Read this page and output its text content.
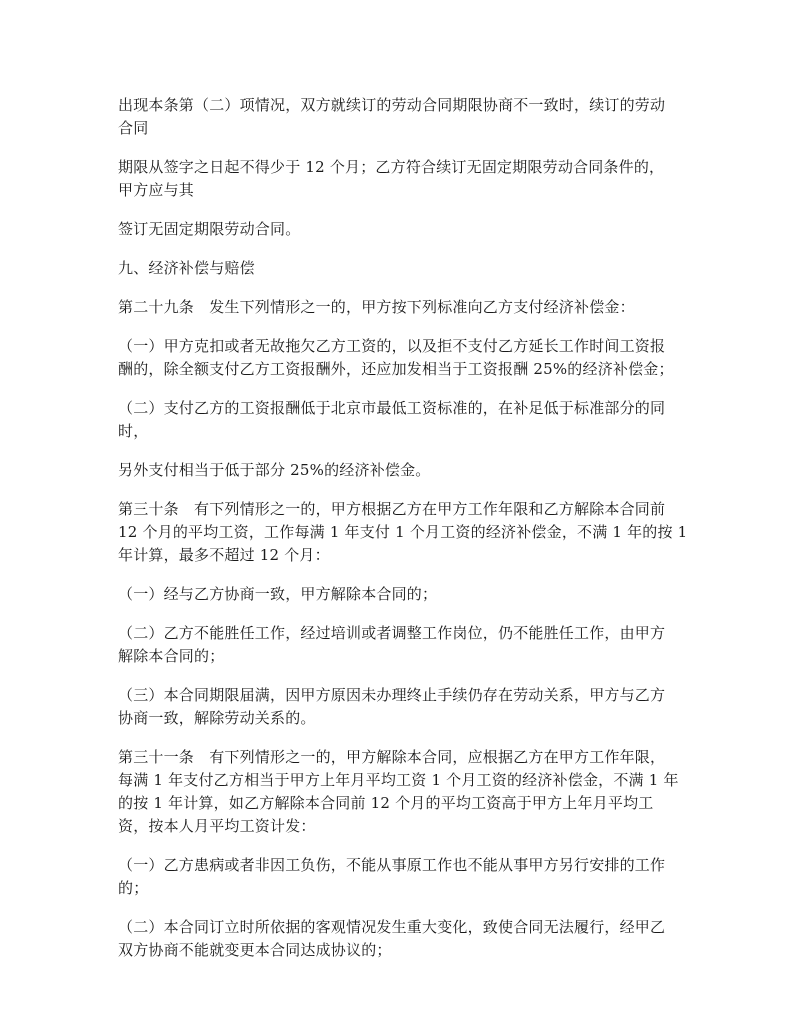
出现本条第（二）项情况，双方就续订的劳动合同期限协商不一致时，续订的劳动
合同

期限从签字之日起不得少于 12 个月；乙方符合续订无固定期限劳动合同条件的，
甲方应与其

签订无固定期限劳动合同。

九、经济补偿与赔偿

第二十九条　发生下列情形之一的，甲方按下列标准向乙方支付经济补偿金：

（一）甲方克扣或者无故拖欠乙方工资的，以及拒不支付乙方延长工作时间工资报
酬的，除全额支付乙方工资报酬外，还应加发相当于工资报酬 25%的经济补偿金；

（二）支付乙方的工资报酬低于北京市最低工资标准的，在补足低于标准部分的同
时，

另外支付相当于低于部分 25%的经济补偿金。

第三十条　有下列情形之一的，甲方根据乙方在甲方工作年限和乙方解除本合同前
12 个月的平均工资，工作每满 1 年支付 1 个月工资的经济补偿金，不满 1 年的按 1
年计算，最多不超过 12 个月：

（一）经与乙方协商一致，甲方解除本合同的；

（二）乙方不能胜任工作，经过培训或者调整工作岗位，仍不能胜任工作，由甲方
解除本合同的；

（三）本合同期限届满，因甲方原因未办理终止手续仍存在劳动关系，甲方与乙方
协商一致，解除劳动关系的。

第三十一条　有下列情形之一的，甲方解除本合同，应根据乙方在甲方工作年限，
每满 1 年支付乙方相当于甲方上年月平均工资 1 个月工资的经济补偿金，不满 1 年
的按 1 年计算，如乙方解除本合同前 12 个月的平均工资高于甲方上年月平均工
资，按本人月平均工资计发：

（一）乙方患病或者非因工负伤，不能从事原工作也不能从事甲方另行安排的工作
的；

（二）本合同订立时所依据的客观情况发生重大变化，致使合同无法履行，经甲乙
双方协商不能就变更本合同达成协议的；
